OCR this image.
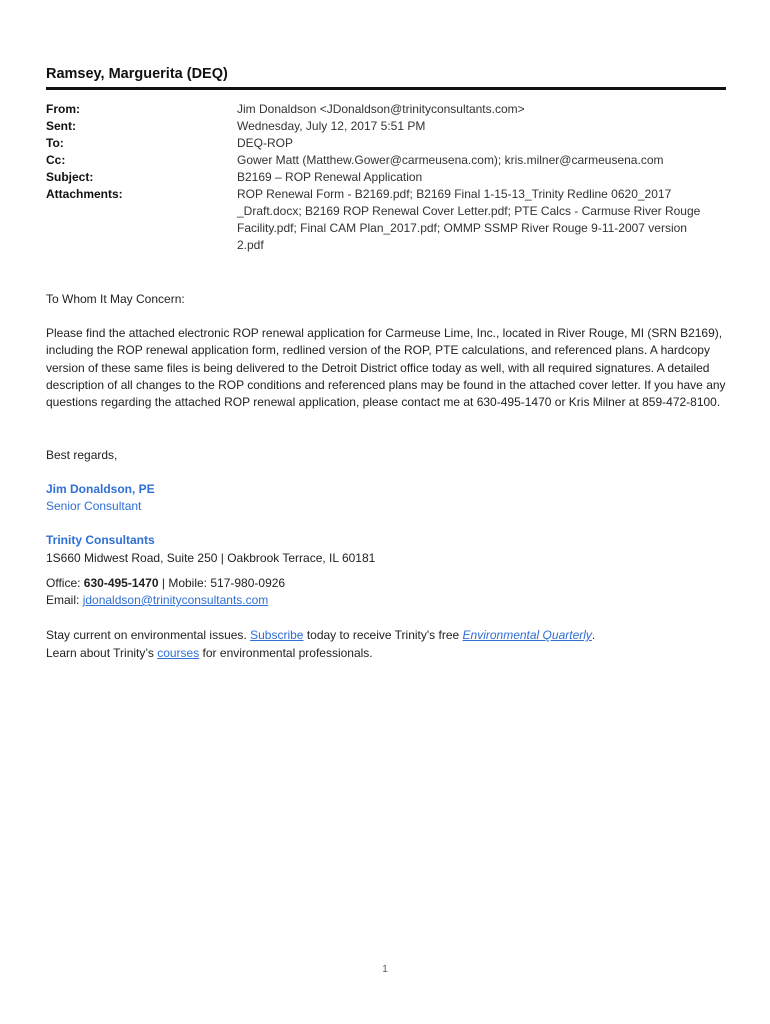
Ramsey, Marguerita (DEQ)
From:	Jim Donaldson <JDonaldson@trinityconsultants.com>
Sent:	Wednesday, July 12, 2017 5:51 PM
To:	DEQ-ROP
Cc:	Gower Matt (Matthew.Gower@carmeusena.com); kris.milner@carmeusena.com
Subject:	B2169 – ROP Renewal Application
Attachments:	ROP Renewal Form - B2169.pdf; B2169 Final 1-15-13_Trinity Redline 0620_2017 _Draft.docx; B2169 ROP Renewal Cover Letter.pdf; PTE Calcs - Carmuse River Rouge Facility.pdf; Final CAM Plan_2017.pdf; OMMP SSMP River Rouge 9-11-2007 version 2.pdf
To Whom It May Concern:
Please find the attached electronic ROP renewal application for Carmeuse Lime, Inc., located in River Rouge, MI (SRN B2169), including the ROP renewal application form, redlined version of the ROP, PTE calculations, and referenced plans. A hardcopy version of these same files is being delivered to the Detroit District office today as well, with all required signatures. A detailed description of all changes to the ROP conditions and referenced plans may be found in the attached cover letter. If you have any questions regarding the attached ROP renewal application, please contact me at 630-495-1470 or Kris Milner at 859-472-8100.
Best regards,
Jim Donaldson, PE
Senior Consultant
Trinity Consultants
1S660 Midwest Road, Suite 250 | Oakbrook Terrace, IL 60181
Office: 630-495-1470 | Mobile: 517-980-0926
Email: jdonaldson@trinityconsultants.com
Stay current on environmental issues. Subscribe today to receive Trinity's free Environmental Quarterly.
Learn about Trinity’s courses for environmental professionals.
1
